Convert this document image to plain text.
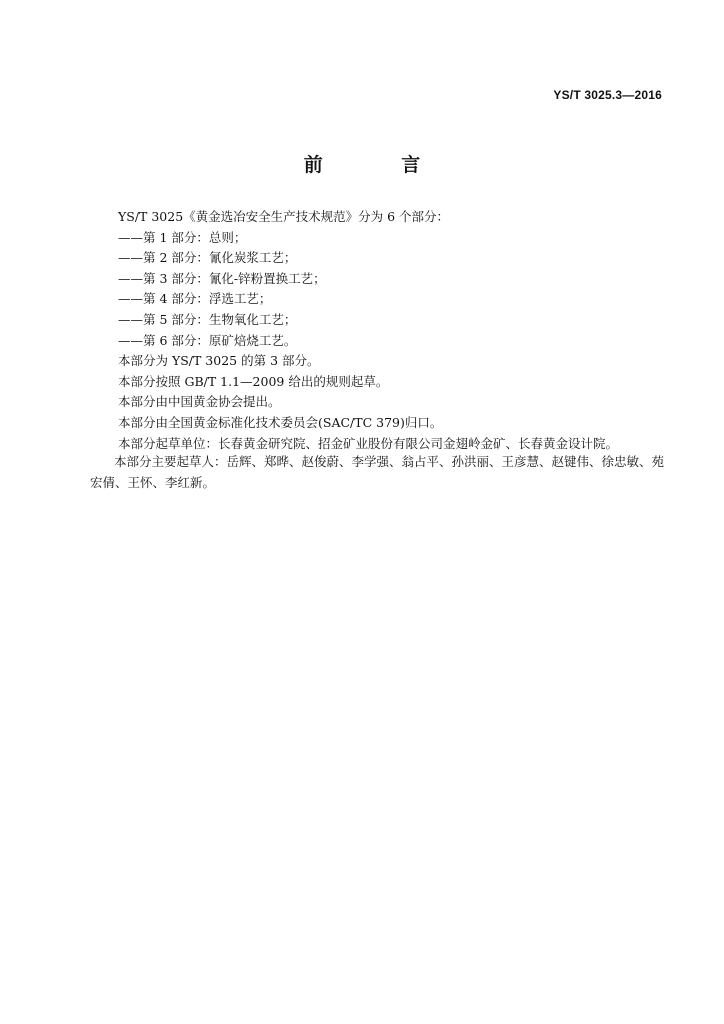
YS/T 3025.3—2016
前 言
YS/T 3025《黄金选冶安全生产技术规范》分为 6 个部分：
——第 1 部分：总则；
——第 2 部分：氰化炭浆工艺；
——第 3 部分：氰化-锌粉置换工艺；
——第 4 部分：浮选工艺；
——第 5 部分：生物氧化工艺；
——第 6 部分：原矿焙烧工艺。
本部分为 YS/T 3025 的第 3 部分。
本部分按照 GB/T 1.1—2009 给出的规则起草。
本部分由中国黄金协会提出。
本部分由全国黄金标准化技术委员会(SAC/TC 379)归口。
本部分起草单位：长春黄金研究院、招金矿业股份有限公司金翅岭金矿、长春黄金设计院。
本部分主要起草人：岳辉、郑晔、赵俊蔚、李学强、翁占平、孙洪丽、王彦慧、赵键伟、徐忠敏、苑宏倩、王怀、李红新。
